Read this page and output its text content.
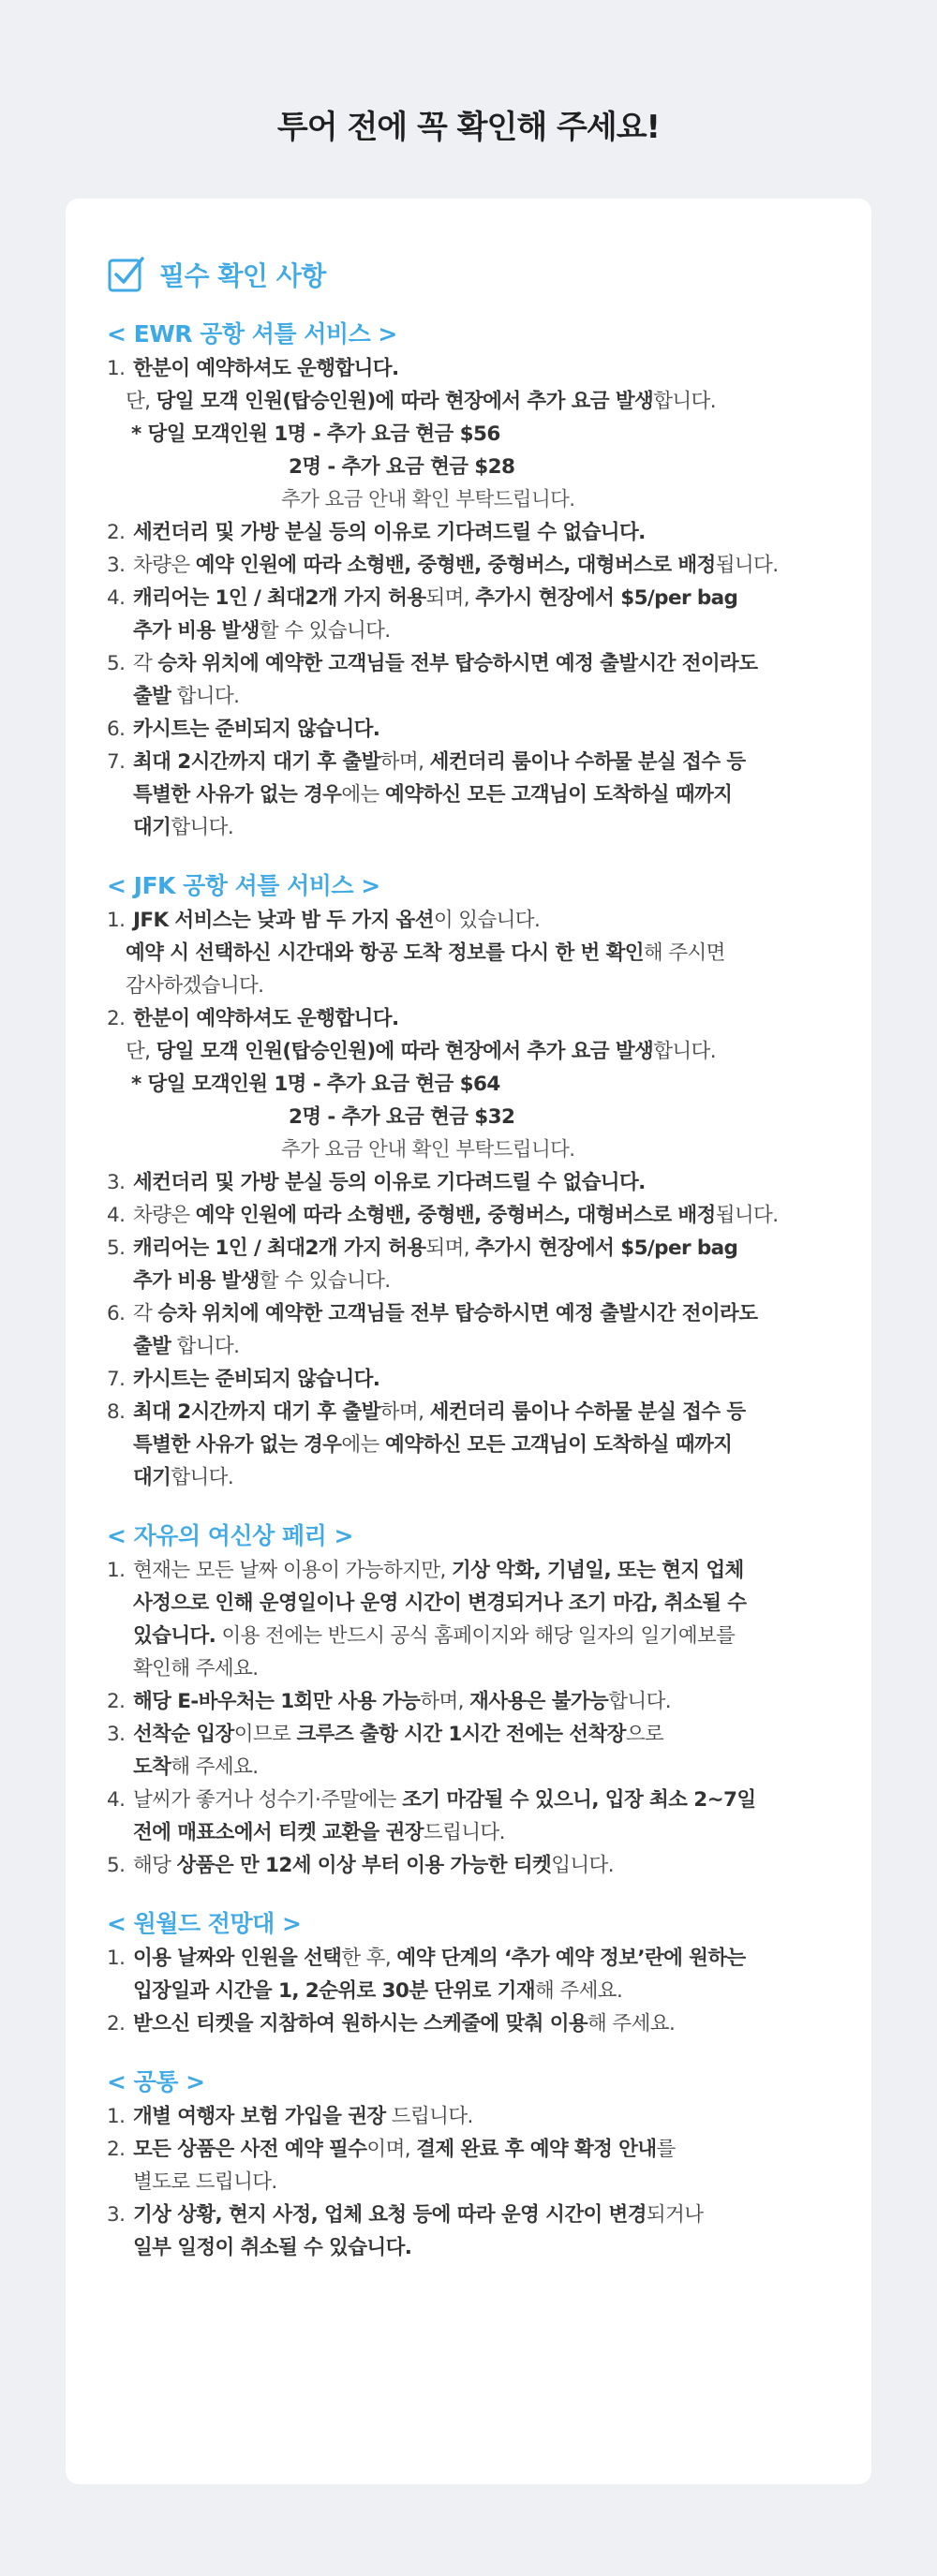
투어 전에 꼭 확인해 주세요!
필수 확인 사항
< EWR 공항 셔틀 서비스 >
1. 한분이 예약하셔도 운행합니다.
단, 당일 모객 인원(탑승인원)에 따라 현장에서 추가 요금 발생합니다.
* 당일 모객인원 1명 - 추가 요금 현금 $56
2명 - 추가 요금 현금 $28
추가 요금 안내 확인 부탁드립니다.
2. 세컨더리 및 가방 분실 등의 이유로 기다려드릴 수 없습니다.
3. 차량은 예약 인원에 따라 소형밴, 중형밴, 중형버스, 대형버스로 배정됩니다.
4. 캐리어는 1인 / 최대2개 가지 허용되며, 추가시 현장에서 $5/per bag
추가 비용 발생할 수 있습니다.
5. 각 승차 위치에 예약한 고객님들 전부 탑승하시면 예정 출발시간 전이라도
출발 합니다.
6. 카시트는 준비되지 않습니다.
7. 최대 2시간까지 대기 후 출발하며, 세컨더리 룸이나 수하물 분실 접수 등
특별한 사유가 없는 경우에는 예약하신 모든 고객님이 도착하실 때까지
대기합니다.
< JFK 공항 셔틀 서비스 >
1. JFK 서비스는 낮과 밤 두 가지 옵션이 있습니다.
예약 시 선택하신 시간대와 항공 도착 정보를 다시 한 번 확인해 주시면
감사하겠습니다.
2. 한분이 예약하셔도 운행합니다.
단, 당일 모객 인원(탑승인원)에 따라 현장에서 추가 요금 발생합니다.
* 당일 모객인원 1명 - 추가 요금 현금 $64
2명 - 추가 요금 현금 $32
추가 요금 안내 확인 부탁드립니다.
3. 세컨더리 및 가방 분실 등의 이유로 기다려드릴 수 없습니다.
4. 차량은 예약 인원에 따라 소형밴, 중형밴, 중형버스, 대형버스로 배정됩니다.
5. 캐리어는 1인 / 최대2개 가지 허용되며, 추가시 현장에서 $5/per bag
추가 비용 발생할 수 있습니다.
6. 각 승차 위치에 예약한 고객님들 전부 탑승하시면 예정 출발시간 전이라도
출발 합니다.
7. 카시트는 준비되지 않습니다.
8. 최대 2시간까지 대기 후 출발하며, 세컨더리 룸이나 수하물 분실 접수 등
특별한 사유가 없는 경우에는 예약하신 모든 고객님이 도착하실 때까지
대기합니다.
< 자유의 여신상 페리 >
1. 현재는 모든 날짜 이용이 가능하지만, 기상 악화, 기념일, 또는 현지 업체
사정으로 인해 운영일이나 운영 시간이 변경되거나 조기 마감, 취소될 수
있습니다. 이용 전에는 반드시 공식 홈페이지와 해당 일자의 일기예보를
확인해 주세요.
2. 해당 E-바우처는 1회만 사용 가능하며, 재사용은 불가능합니다.
3. 선착순 입장이므로 크루즈 출항 시간 1시간 전에는 선착장으로
도착해 주세요.
4. 날씨가 좋거나 성수기·주말에는 조기 마감될 수 있으니, 입장 최소 2~7일
전에 매표소에서 티켓 교환을 권장드립니다.
5. 해당 상품은 만 12세 이상 부터 이용 가능한 티켓입니다.
< 원월드 전망대 >
1. 이용 날짜와 인원을 선택한 후, 예약 단계의 ‘추가 예약 정보’란에 원하는
입장일과 시간을 1, 2순위로 30분 단위로 기재해 주세요.
2. 받으신 티켓을 지참하여 원하시는 스케줄에 맞춰 이용해 주세요.
< 공통 >
1. 개별 여행자 보험 가입을 권장 드립니다.
2. 모든 상품은 사전 예약 필수이며, 결제 완료 후 예약 확정 안내를
별도로 드립니다.
3. 기상 상황, 현지 사정, 업체 요청 등에 따라 운영 시간이 변경되거나
일부 일정이 취소될 수 있습니다.
